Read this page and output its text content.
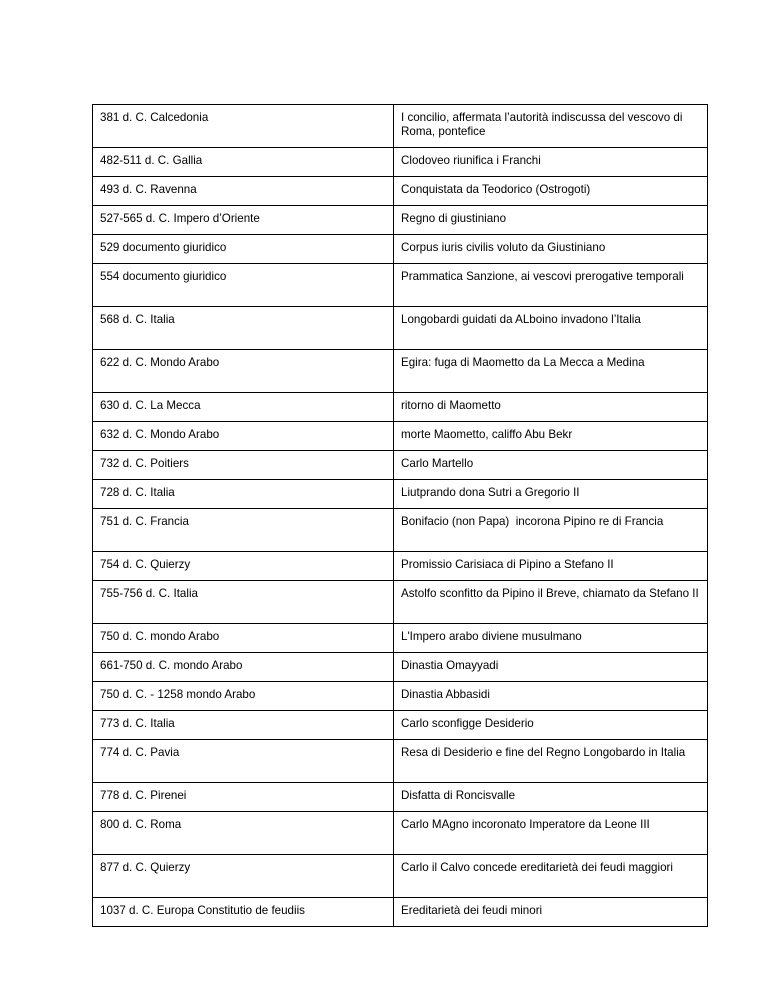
381 d. C. Calcedonia	I concilio, affermata l’autorità indiscussa del vescovo di Roma, pontefice
482-511 d. C. Gallia	Clodoveo riunifica i Franchi
493 d. C. Ravenna	Conquistata da Teodorico (Ostrogoti)
527-565 d. C. Impero d’Oriente	Regno di giustiniano
529 documento giuridico	Corpus iuris civilis voluto da Giustiniano
554 documento giuridico	Prammatica Sanzione, ai vescovi prerogative temporali
568 d. C. Italia	Longobardi guidati da ALboino invadono l’Italia
622 d. C. Mondo Arabo	Egira: fuga di Maometto da La Mecca a Medina
630 d. C. La Mecca	ritorno di Maometto
632 d. C. Mondo Arabo	morte Maometto, califfo Abu Bekr
732 d. C. Poitiers	Carlo Martello
728 d. C. Italia	Liutprando dona Sutri a Gregorio II
751 d. C. Francia	Bonifacio (non Papa)  incorona Pipino re di Francia
754 d. C. Quierzy	Promissio Carisiaca di Pipino a Stefano II
755-756 d. C. Italia	Astolfo sconfitto da Pipino il Breve, chiamato da Stefano II
750 d. C. mondo Arabo	L'Impero arabo diviene musulmano
661-750 d. C. mondo Arabo	Dinastia Omayyadi
750 d. C. - 1258 mondo Arabo	Dinastia Abbasidi
773 d. C. Italia	Carlo sconfigge Desiderio
774 d. C. Pavia	Resa di Desiderio e fine del Regno Longobardo in Italia
778 d. C. Pirenei	Disfatta di Roncisvalle
800 d. C. Roma	Carlo MAgno incoronato Imperatore da Leone III
877 d. C. Quierzy	Carlo il Calvo concede ereditarietà dei feudi maggiori
1037 d. C. Europa Constitutio de feudiis	Ereditarietà dei feudi minori
